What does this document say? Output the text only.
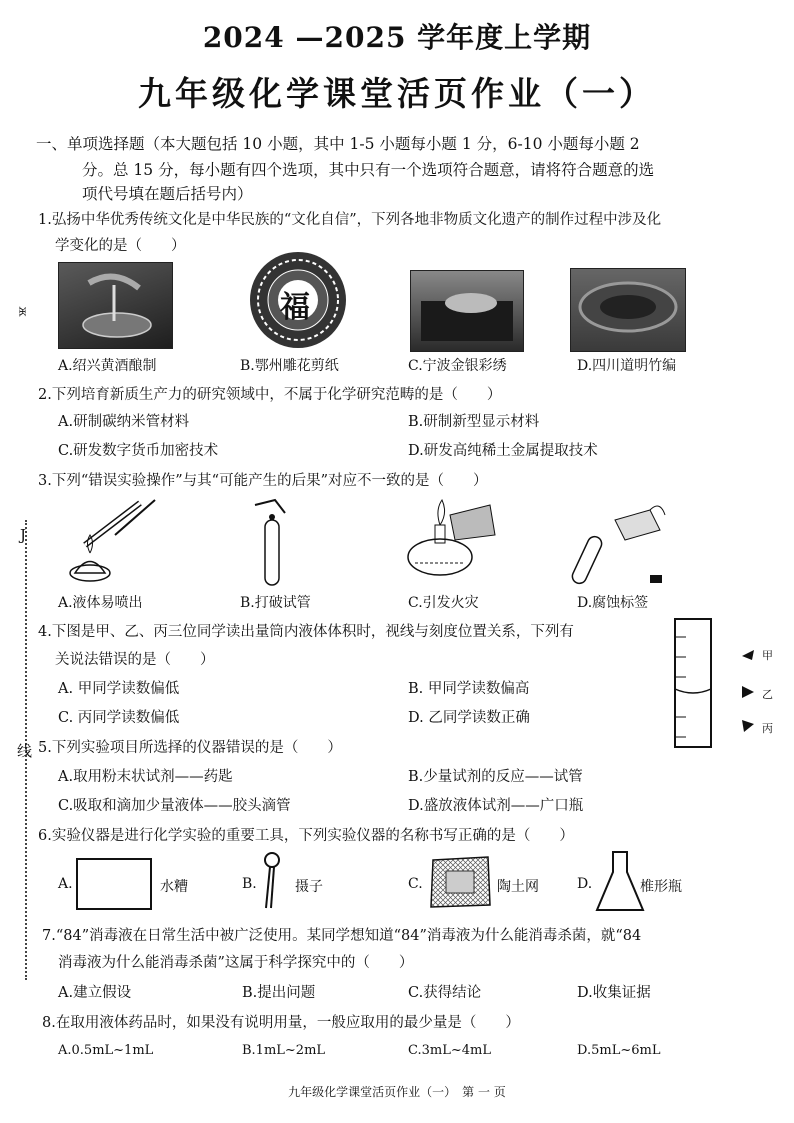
2024 —2025 学年度上学期
九年级化学课堂活页作业（一）
ж
J
线
一、单项选择题（本大题包括 10 小题，其中 1-5 小题每小题 1 分，6-10 小题每小题 2
分。总 15 分，每小题有四个选项，其中只有一个选项符合题意，请将符合题意的选
项代号填在题后括号内）
1.弘扬中华优秀传统文化是中华民族的“文化自信”，下列各地非物质文化遗产的制作过程中涉及化
学变化的是（　　）
福
A.绍兴黄酒酿制	B.鄂州雕花剪纸	C.宁波金银彩绣	D.四川道明竹编
2.下列培育新质生产力的研究领域中，不属于化学研究范畴的是（　　）
A.研制碳纳米管材料	B.研制新型显示材料
C.研发数字货币加密技术	D.研发高纯稀土金属提取技术
3.下列“错误实验操作”与其“可能产生的后果”对应不一致的是（　　）
A.液体易喷出	B.打破试管	C.引发火灾	D.腐蚀标签
4.下图是甲、乙、丙三位同学读出量筒内液体体积时，视线与刻度位置关系，下列有
关说法错误的是（　　）
A. 甲同学读数偏低	B. 甲同学读数偏高
C. 丙同学读数偏低	D. 乙同学读数正确
甲
乙
丙
5.下列实验项目所选择的仪器错误的是（　　）
A.取用粉末状试剂——药匙	B.少量试剂的反应——试管
C.吸取和滴加少量液体——胶头滴管	D.盛放液体试剂——广口瓶
6.实验仪器是进行化学实验的重要工具，下列实验仪器的名称书写正确的是（　　）
A.	水糟	B.	摄子	C.	陶土网	D.	椎形瓶
7.“84”消毒液在日常生活中被广泛使用。某同学想知道“84”消毒液为什么能消毒杀菌，就“84
消毒液为什么能消毒杀菌”这属于科学探究中的（　　）
A.建立假设	B.提出问题	C.获得结论	D.收集证据
8.在取用液体药品时，如果没有说明用量，一般应取用的最少量是（　　）
A.0.5mL~1mL	B.1mL~2mL	C.3mL~4mL	D.5mL~6mL
九年级化学课堂活页作业（一）　第 一 页
